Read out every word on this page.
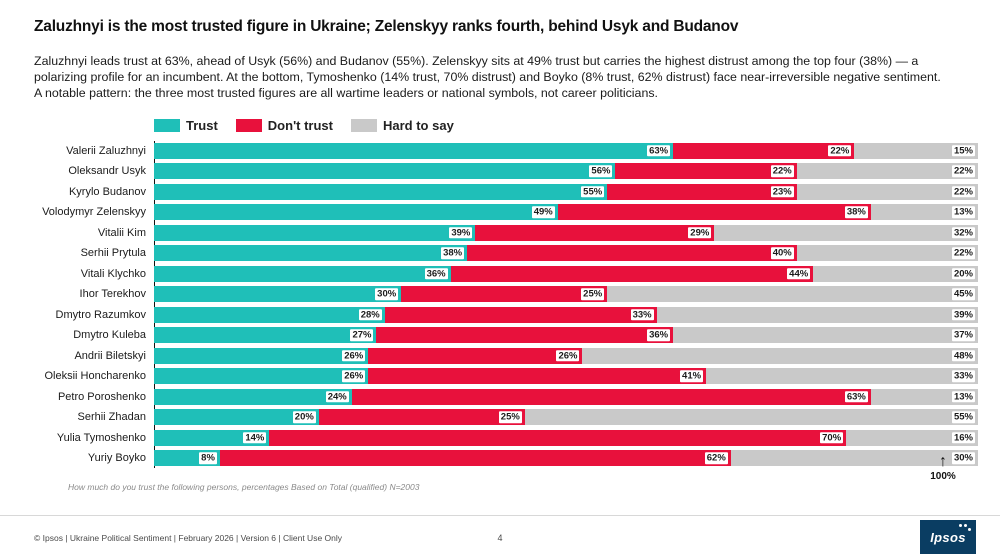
Zaluzhnyi is the most trusted figure in Ukraine; Zelenskyy ranks fourth, behind Usyk and Budanov

Zaluzhnyi leads trust at 63%, ahead of Usyk (56%) and Budanov (55%). Zelenskyy sits at 49% trust but carries the highest distrust among the top four (38%) — a polarizing profile for an incumbent. At the bottom, Tymoshenko (14% trust, 70% distrust) and Boyko (8% trust, 62% distrust) face near-irreversible negative sentiment.

A notable pattern: the three most trusted figures are all wartime leaders or national symbols, not career politicians.

Trust	Don't trust	Hard to say
Valerii Zaluzhnyi	63%	22%	15%
Oleksandr Usyk	56%	22%	22%
Kyrylo Budanov	55%	23%	22%
Volodymyr Zelenskyy	49%	38%	13%
Vitalii Kim	39%	29%	32%
Serhii Prytula	38%	40%	22%
Vitali Klychko	36%	44%	20%
Ihor Terekhov	30%	25%	45%
Dmytro Razumkov	28%	33%	39%
Dmytro Kuleba	27%	36%	37%
Andrii Biletskyi	26%	26%	48%
Oleksii Honcharenko	26%	41%	33%
Petro Poroshenko	24%	63%	13%
Serhii Zhadan	20%	25%	55%
Yulia Tymoshenko	14%	70%	16%
Yuriy Boyko	8%	62%	30%
How much do you trust the following persons, percentages Based on Total (qualified) N=2003
↑
100%
© Ipsos | Ukraine Political Sentiment | February 2026 | Version 6 | Client Use Only	4	Ipsos
